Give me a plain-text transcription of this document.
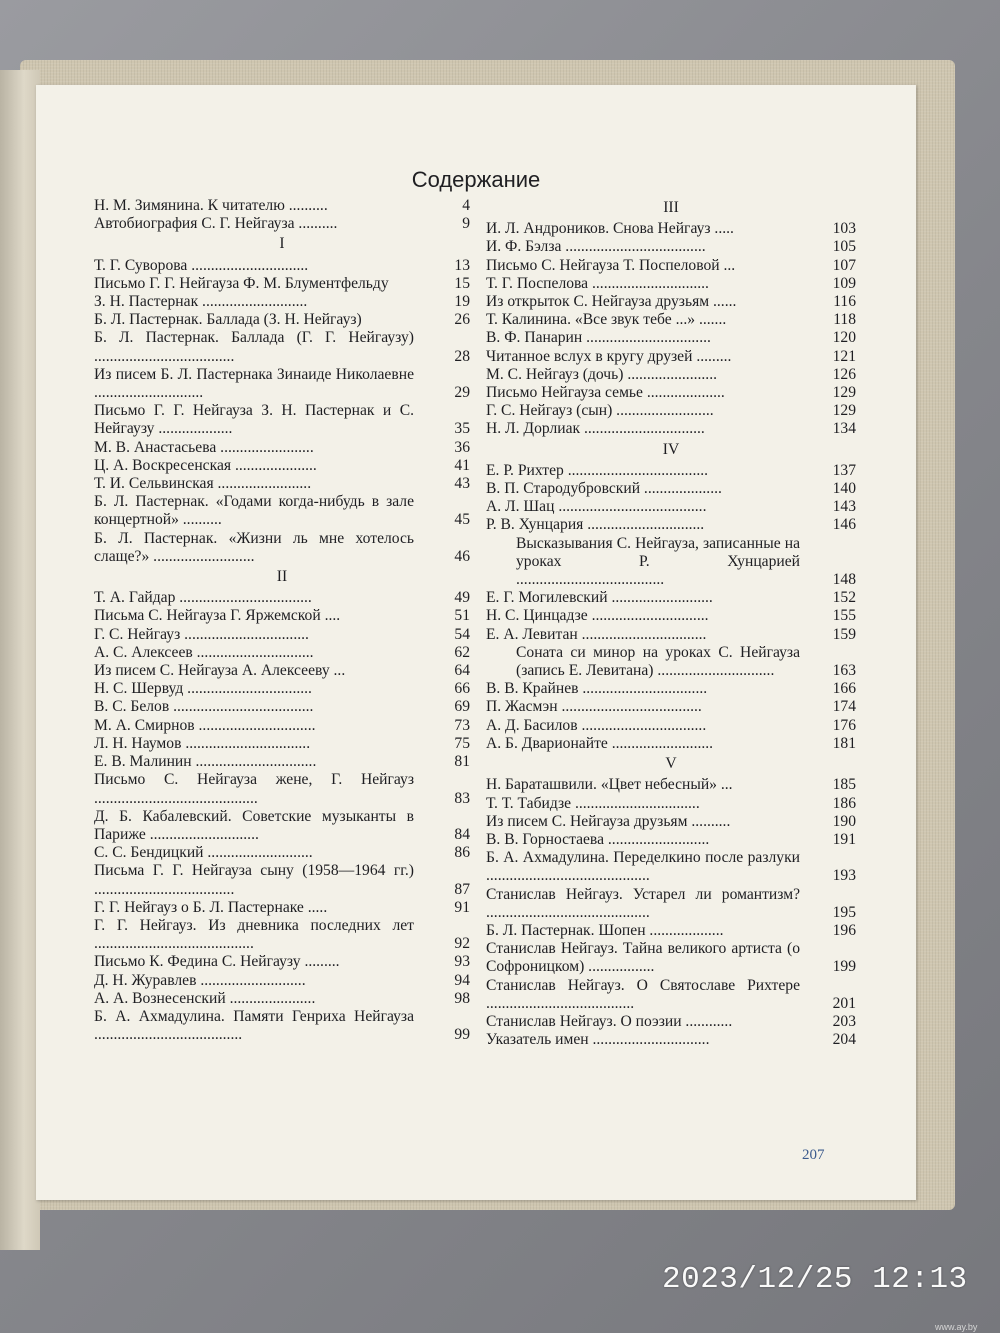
Содержание
Н. М. Зимянина. К читателю ..........	4
Автобиография С. Г. Нейгауза ..........	9
I
Т. Г. Суворова ..............................	13
Письмо Г. Г. Нейгауза Ф. М. Блументфельду	15
З. Н. Пастернак ...........................	19
Б. Л. Пастернак. Баллада (З. Н. Нейгауз)	26
Б. Л. Пастернак. Баллада (Г. Г. Нейгаузу) ....................................	28
Из писем Б. Л. Пастернака Зинаиде Николаевне ............................	29
Письмо Г. Г. Нейгауза З. Н. Пастернак и С. Нейгаузу ...................	35
М. В. Анастасьева ........................	36
Ц. А. Воскресенская .....................	41
Т. И. Сельвинская ........................	43
Б. Л. Пастернак. «Годами когда-нибудь в зале концертной» ..........	45
Б. Л. Пастернак. «Жизни ль мне хотелось слаще?» ..........................	46
II
Т. А. Гайдар ..................................	49
Письма С. Нейгауза Г. Яржемской ....	51
Г. С. Нейгауз ................................	54
А. С. Алексеев ..............................	62
Из писем С. Нейгауза А. Алексееву ...	64
Н. С. Шервуд ................................	66
В. С. Белов ....................................	69
М. А. Смирнов ..............................	73
Л. Н. Наумов ................................	75
Е. В. Малинин ...............................	81
Письмо С. Нейгауза жене, Г. Нейгауз ..........................................	83
Д. Б. Кабалевский. Советские музыканты в Париже ............................	84
С. С. Бендицкий ...........................	86
Письма Г. Г. Нейгауза сыну (1958—1964 гг.) ....................................	87
Г. Г. Нейгауз о Б. Л. Пастернаке .....	91
Г. Г. Нейгауз. Из дневника последних лет .........................................	92
Письмо К. Федина С. Нейгаузу .........	93
Д. Н. Журавлев ...........................	94
А. А. Вознесенский ......................	98
Б. А. Ахмадулина. Памяти Генриха Нейгауза ......................................	99
III
И. Л. Андроников. Снова Нейгауз .....	103
И. Ф. Бэлза ....................................	105
Письмо С. Нейгауза Т. Поспеловой ...	107
Т. Г. Поспелова ..............................	109
Из открыток С. Нейгауза друзьям ......	116
Т. Калинина. «Все звук тебе ...» .......	118
В. Ф. Панарин ................................	120
Читанное вслух в кругу друзей .........	121
М. С. Нейгауз (дочь) .......................	126
Письмо Нейгауза семье ....................	129
Г. С. Нейгауз (сын) .........................	129
Н. Л. Дорлиак ...............................	134
IV
Е. Р. Рихтер ....................................	137
В. П. Стародубровский ....................	140
А. Л. Шац ......................................	143
Р. В. Хунцария ..............................	146
Высказывания С. Нейгауза, записанные на уроках Р. Хунцарией ......................................	148
Е. Г. Могилевский ..........................	152
Н. С. Цинцадзе ..............................	155
Е. А. Левитан ................................	159
Соната си минор на уроках С. Нейгауза (запись Е. Левитана) ..............................	163
В. В. Крайнев ................................	166
П. Жасмэн ....................................	174
А. Д. Басилов ................................	176
А. Б. Дварионайте ..........................	181
V
Н. Бараташвили. «Цвет небесный» ...	185
Т. Т. Табидзе ................................	186
Из писем С. Нейгауза друзьям ..........	190
В. В. Горностаева ..........................	191
Б. А. Ахмадулина. Переделкино после разлуки ..........................................	193
Станислав Нейгауз. Устарел ли романтизм? ..........................................	195
Б. Л. Пастернак. Шопен ...................	196
Станислав Нейгауз. Тайна великого артиста (о Софроницком) .................	199
Станислав Нейгауз. О Святославе Рихтере ......................................	201
Станислав Нейгауз. О поэзии ............	203
Указатель имен ..............................	204
207
2023/12/25 12:13
www.ay.by
